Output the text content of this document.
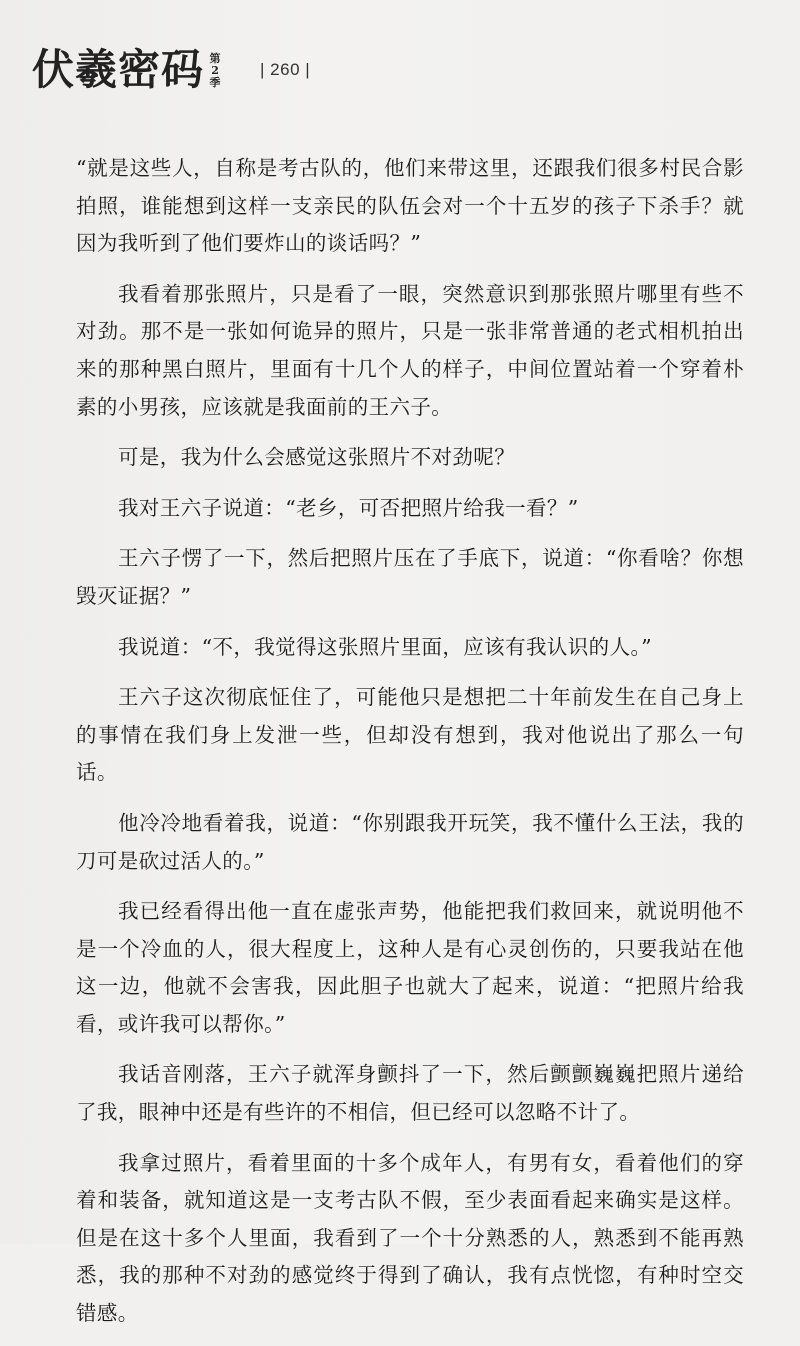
伏羲密码 第2季
| 260 |

“就是这些人，自称是考古队的，他们来带这里，还跟我们很多村民合影拍照，谁能想到这样一支亲民的队伍会对一个十五岁的孩子下杀手？就因为我听到了他们要炸山的谈话吗？”

我看着那张照片，只是看了一眼，突然意识到那张照片哪里有些不对劲。那不是一张如何诡异的照片，只是一张非常普通的老式相机拍出来的那种黑白照片，里面有十几个人的样子，中间位置站着一个穿着朴素的小男孩，应该就是我面前的王六子。

可是，我为什么会感觉这张照片不对劲呢？

我对王六子说道：“老乡，可否把照片给我一看？”

王六子愣了一下，然后把照片压在了手底下，说道：“你看啥？你想毁灭证据？”

我说道：“不，我觉得这张照片里面，应该有我认识的人。”

王六子这次彻底怔住了，可能他只是想把二十年前发生在自己身上的事情在我们身上发泄一些，但却没有想到，我对他说出了那么一句话。

他冷冷地看着我，说道：“你别跟我开玩笑，我不懂什么王法，我的刀可是砍过活人的。”

我已经看得出他一直在虚张声势，他能把我们救回来，就说明他不是一个冷血的人，很大程度上，这种人是有心灵创伤的，只要我站在他这一边，他就不会害我，因此胆子也就大了起来，说道：“把照片给我看，或许我可以帮你。”

我话音刚落，王六子就浑身颤抖了一下，然后颤颤巍巍把照片递给了我，眼神中还是有些许的不相信，但已经可以忽略不计了。

我拿过照片，看着里面的十多个成年人，有男有女，看着他们的穿着和装备，就知道这是一支考古队不假，至少表面看起来确实是这样。但是在这十多个人里面，我看到了一个十分熟悉的人，熟悉到不能再熟悉，我的那种不对劲的感觉终于得到了确认，我有点恍惚，有种时空交错感。
